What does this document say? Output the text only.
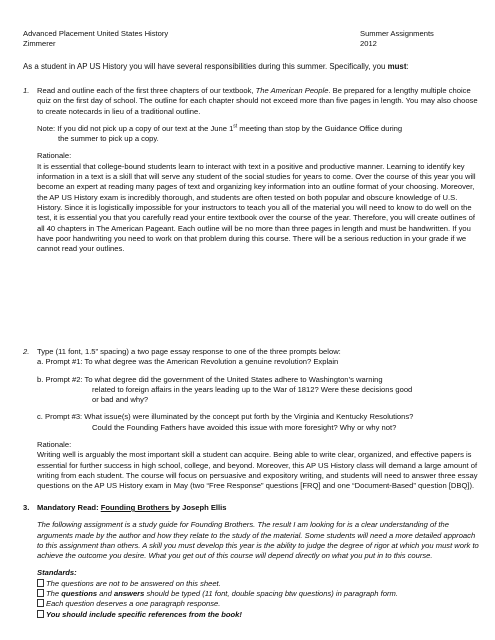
Advanced Placement United States History	Summer Assignments
Zimmerer	2012
As a student in AP US History you will have several responsibilities during this summer. Specifically, you must:
1. Read and outline each of the first three chapters of our textbook, The American People. Be prepared for a lengthy multiple choice quiz on the first day of school. The outline for each chapter should not exceed more than five pages in length. You may also choose to create notecards in lieu of a traditional outline.

Note: If you did not pick up a copy of our text at the June 1st meeting than stop by the Guidance Office during
the summer to pick up a copy.

Rationale:

It is essential that college-bound students learn to interact with text in a positive and productive manner. Learning to identify key information in a text is a skill that will serve any student of the social studies for years to come. Over the course of this year you will become an expert at reading many pages of text and organizing key information into an outline format of your choosing. Moreover, the AP US History exam is incredibly thorough, and students are often tested on both popular and obscure knowledge of U.S. History. Since it is logistically impossible for your instructors to teach you all of the material you will need to know to do well on the test, it is essential you that you carefully read your entire textbook over the course of the year. Therefore, you will create outlines of all 40 chapters in The American Pageant. Each outline will be no more than three pages in length and must be handwritten. If you have poor handwriting you need to work on that problem during this course. There will be a serious reduction in your grade if we cannot read your outlines.

2. Type (11 font, 1.5” spacing) a two page essay response to one of the three prompts below:

a. Prompt #1: To what degree was the American Revolution a genuine revolution? Explain

b. Prompt #2: To what degree did the government of the United States adhere to Washington’s warning

related to foreign affairs in the years leading up to the War of 1812? Were these decisions good

or bad and why?

c. Prompt #3: What issue(s) were illuminated by the concept put forth by the Virginia and Kentucky Resolutions?

Could the Founding Fathers have avoided this issue with more foresight? Why or why not?

Rationale:

Writing well is arguably the most important skill a student can acquire. Being able to write clear, organized, and effective papers is essential for further success in high school, college, and beyond. Moreover, this AP US History class will demand a large amount of writing from each student. The course will focus on persuasive and expository writing, and students will need to answer three essay questions on the AP US History exam in May (two “Free Response” questions [FRQ] and one “Document-Based” question [DBQ]).

3. Mandatory Read: Founding Brothers by Joseph Ellis

The following assignment is a study guide for Founding Brothers. The result I am looking for is a clear understanding of the arguments made by the author and how they relate to the study of the material. Some students will need a more detailed approach to this assignment than others. A skill you must develop this year is the ability to judge the degree of rigor at which you must work to achieve the outcome you desire. What you get out of this course will depend directly on what you put in to this course.

Standards:

The questions are not to be answered on this sheet.

The questions and answers should be typed (11 font, double spacing btw questions) in paragraph form.

Each question deserves a one paragraph response.

You should include specific references from the book!
